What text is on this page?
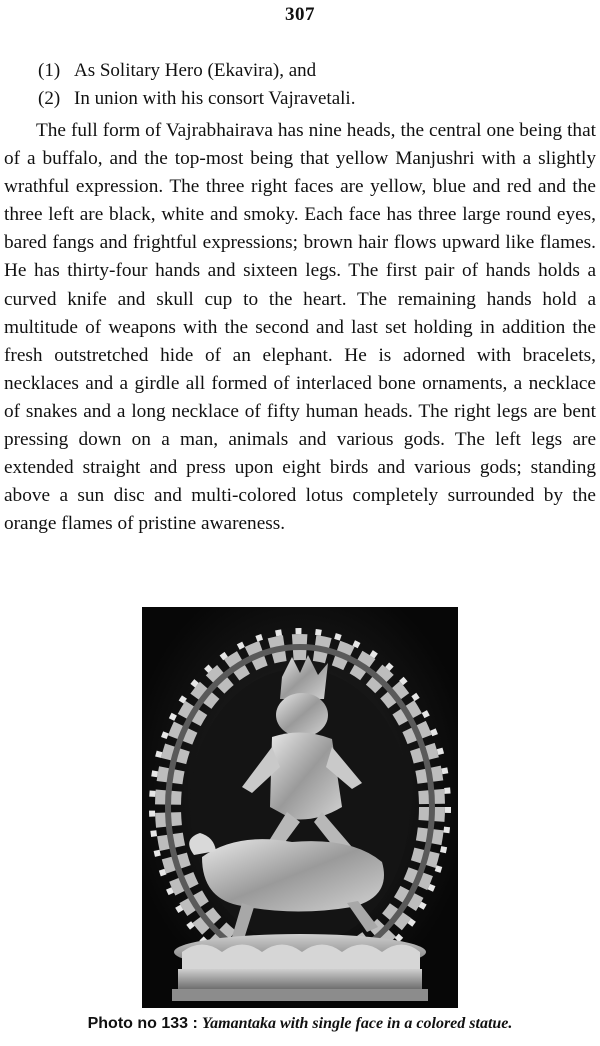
307
(1) As Solitary Hero (Ekavira), and
(2) In union with his consort Vajravetali.
The full form of Vajrabhairava has nine heads, the central one being that of a buffalo, and the top-most being that yellow Manjushri with a slightly wrathful expression. The three right faces are yellow, blue and red and the three left are black, white and smoky. Each face has three large round eyes, bared fangs and frightful expressions; brown hair flows upward like flames. He has thirty-four hands and sixteen legs. The first pair of hands holds a curved knife and skull cup to the heart. The remaining hands hold a multitude of weapons with the second and last set holding in addition the fresh outstretched hide of an elephant. He is adorned with bracelets, necklaces and a girdle all formed of interlaced bone ornaments, a necklace of snakes and a long necklace of fifty human heads. The right legs are bent pressing down on a man, animals and various gods. The left legs are extended straight and press upon eight birds and various gods; standing above a sun disc and multi-colored lotus completely surrounded by the orange flames of pristine awareness.
Photo no 133 : Yamantaka with single face in a colored statue.
